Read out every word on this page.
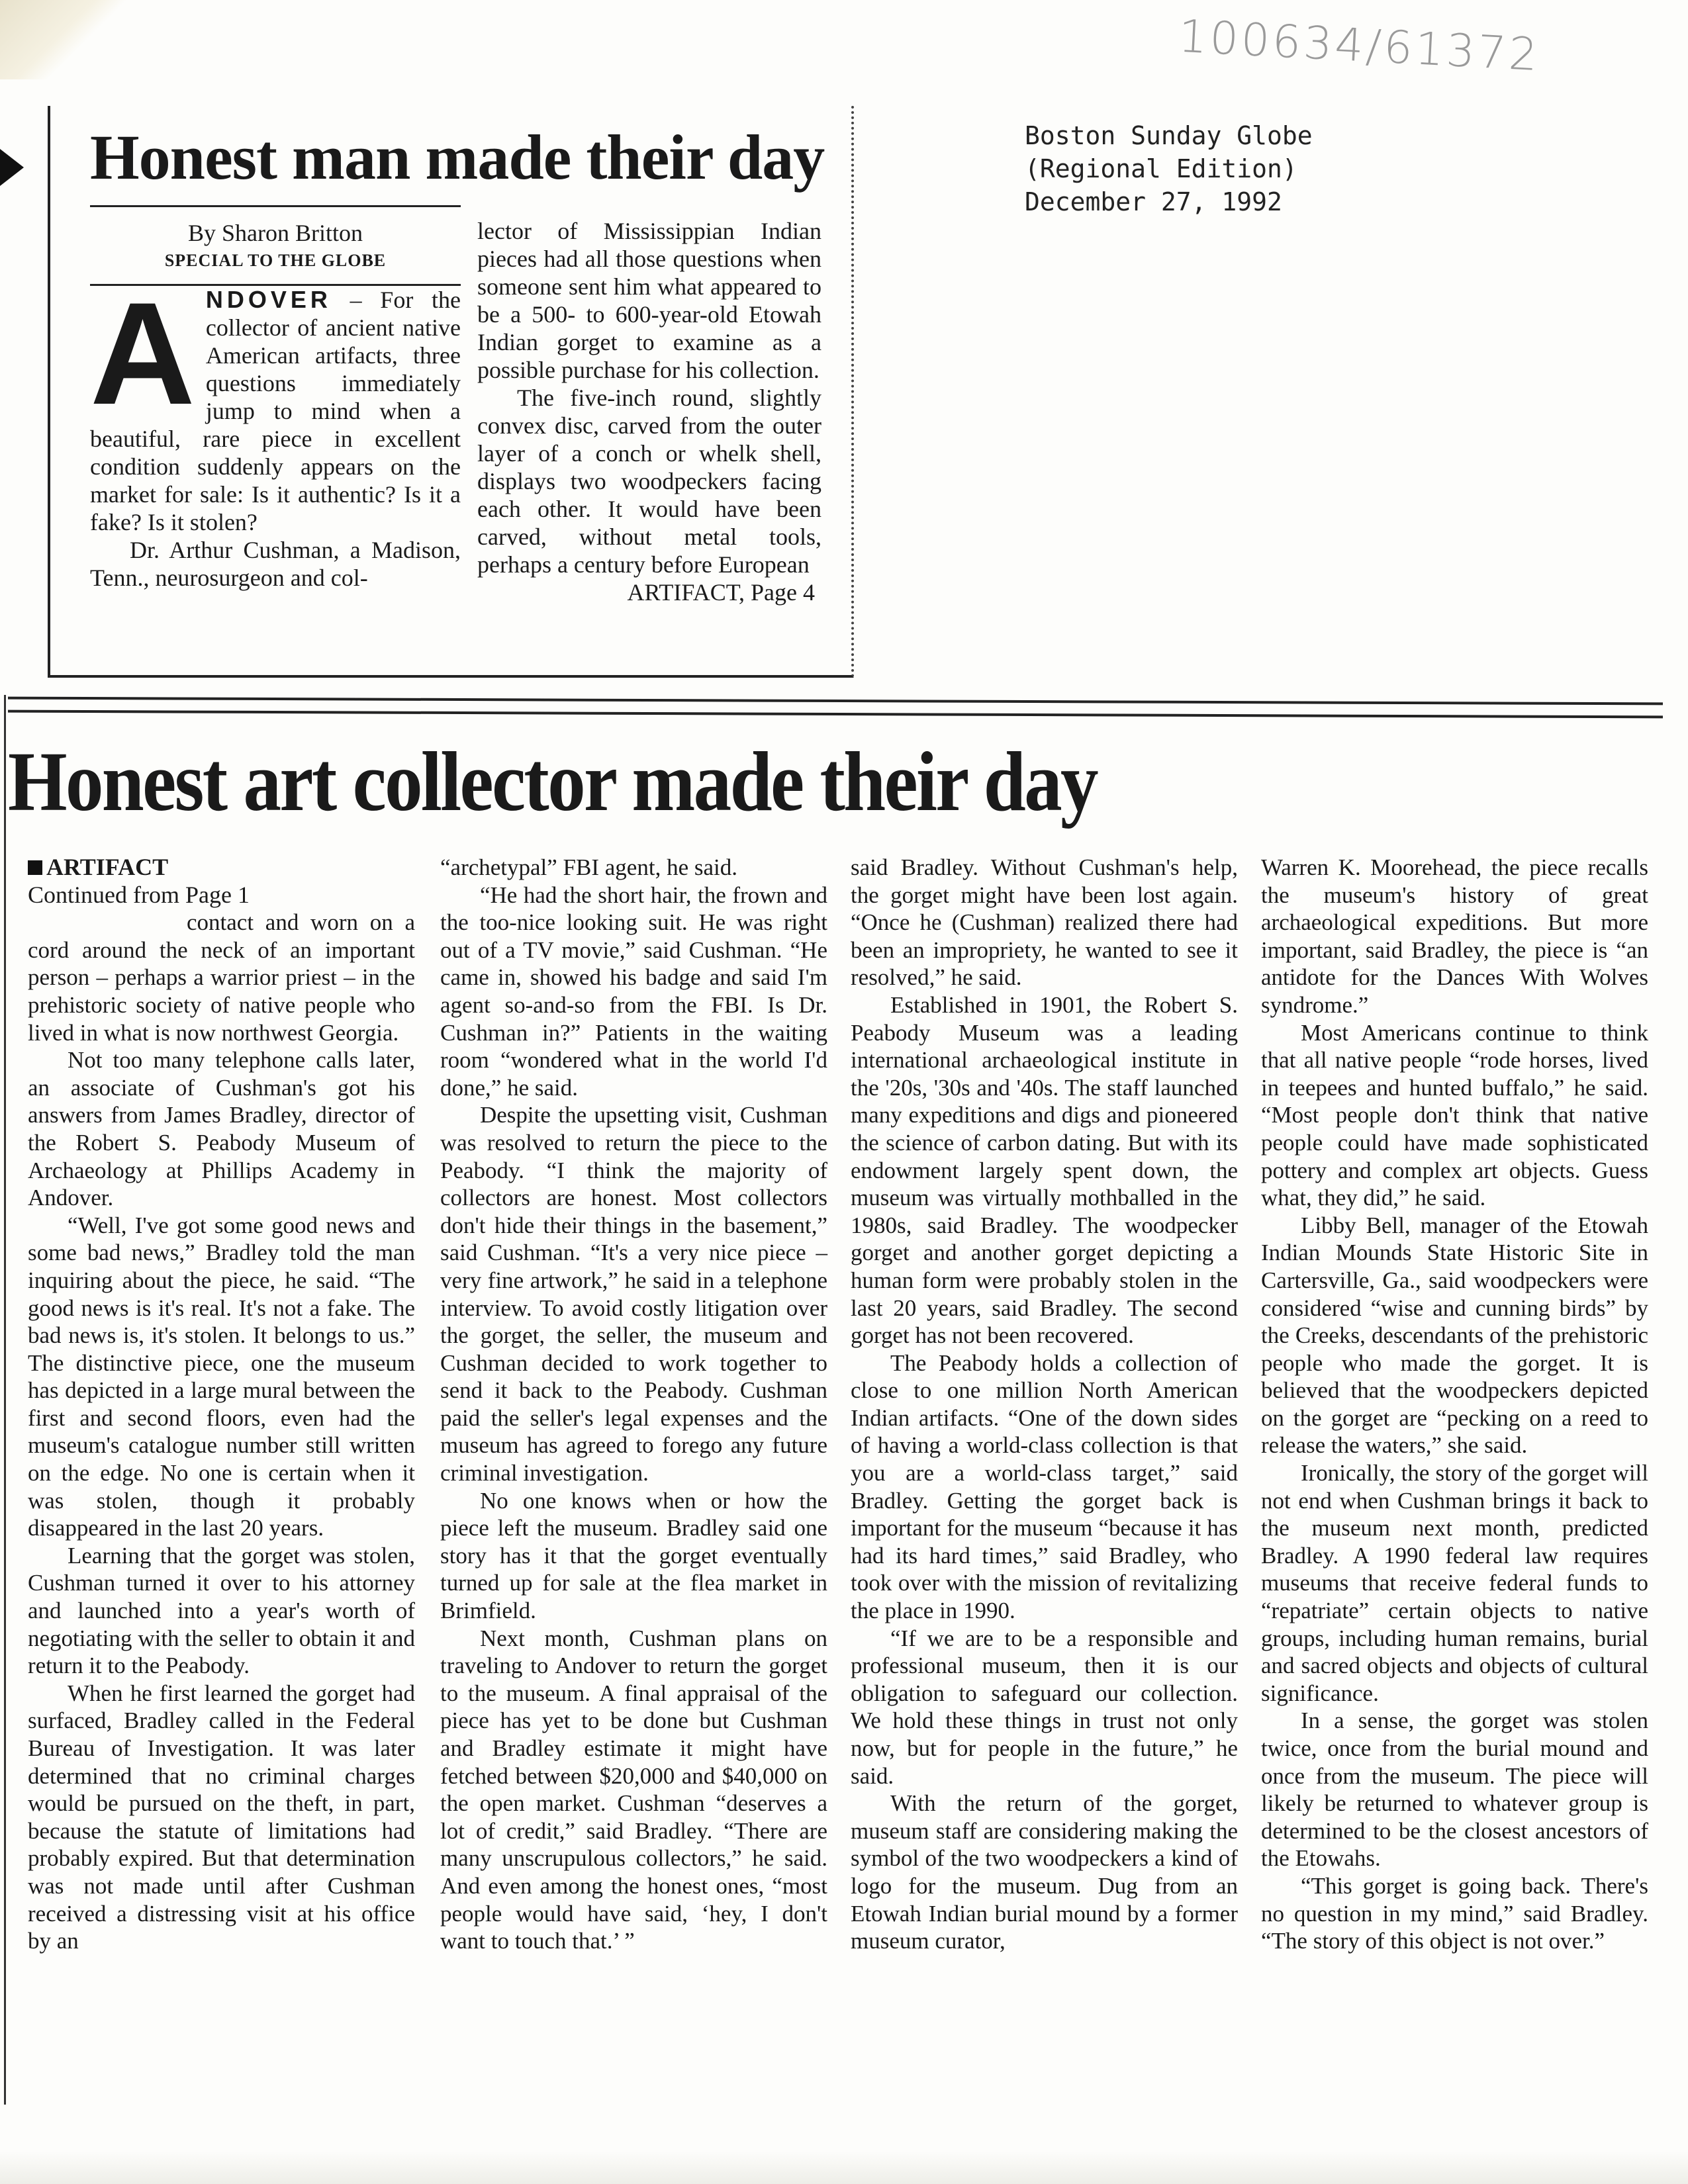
100634/61372
Boston Sunday Globe
(Regional Edition)
December 27, 1992
Honest man made their day
By Sharon Britton
SPECIAL TO THE GLOBE

ANDOVER – For the collector of ancient native American artifacts, three questions immediately jump to mind when a beautiful, rare piece in excellent condition suddenly appears on the market for sale: Is it authentic? Is it a fake? Is it stolen?

Dr. Arthur Cushman, a Madison, Tenn., neurosurgeon and col-

lector of Mississippian Indian pieces had all those questions when someone sent him what appeared to be a 500- to 600-year-old Etowah Indian gorget to examine as a possible purchase for his collection.

The five-inch round, slightly convex disc, carved from the outer layer of a conch or whelk shell, displays two woodpeckers facing each other. It would have been carved, without metal tools, perhaps a century before European

ARTIFACT, Page 4

Honest art collector made their day
ARTIFACT
Continued from Page 1

contact and worn on a cord around the neck of an important person – perhaps a warrior priest – in the prehistoric society of native people who lived in what is now northwest Georgia.

Not too many telephone calls later, an associate of Cushman's got his answers from James Bradley, director of the Robert S. Peabody Museum of Archaeology at Phillips Academy in Andover.

“Well, I've got some good news and some bad news,” Bradley told the man inquiring about the piece, he said. “The good news is it's real. It's not a fake. The bad news is, it's stolen. It belongs to us.” The distinctive piece, one the museum has depicted in a large mural between the first and second floors, even had the museum's catalogue number still written on the edge. No one is certain when it was stolen, though it probably disappeared in the last 20 years.

Learning that the gorget was stolen, Cushman turned it over to his attorney and launched into a year's worth of negotiating with the seller to obtain it and return it to the Peabody.

When he first learned the gorget had surfaced, Bradley called in the Federal Bureau of Investigation. It was later determined that no criminal charges would be pursued on the theft, in part, because the statute of limitations had probably expired. But that determination was not made until after Cushman received a distressing visit at his office by an

“archetypal” FBI agent, he said.

“He had the short hair, the frown and the too-nice looking suit. He was right out of a TV movie,” said Cushman. “He came in, showed his badge and said I'm agent so-and-so from the FBI. Is Dr. Cushman in?” Patients in the waiting room “wondered what in the world I'd done,” he said.

Despite the upsetting visit, Cushman was resolved to return the piece to the Peabody. “I think the majority of collectors are honest. Most collectors don't hide their things in the basement,” said Cushman. “It's a very nice piece – very fine artwork,” he said in a telephone interview. To avoid costly litigation over the gorget, the seller, the museum and Cushman decided to work together to send it back to the Peabody. Cushman paid the seller's legal expenses and the museum has agreed to forego any future criminal investigation.

No one knows when or how the piece left the museum. Bradley said one story has it that the gorget eventually turned up for sale at the flea market in Brimfield.

Next month, Cushman plans on traveling to Andover to return the gorget to the museum. A final appraisal of the piece has yet to be done but Cushman and Bradley estimate it might have fetched between $20,000 and $40,000 on the open market. Cushman “deserves a lot of credit,” said Bradley. “There are many unscrupulous collectors,” he said. And even among the honest ones, “most people would have said, ‘hey, I don't want to touch that.’ ”

said Bradley. Without Cushman's help, the gorget might have been lost again. “Once he (Cushman) realized there had been an impropriety, he wanted to see it resolved,” he said.

Established in 1901, the Robert S. Peabody Museum was a leading international archaeological institute in the '20s, '30s and '40s. The staff launched many expeditions and digs and pioneered the science of carbon dating. But with its endowment largely spent down, the museum was virtually mothballed in the 1980s, said Bradley. The woodpecker gorget and another gorget depicting a human form were probably stolen in the last 20 years, said Bradley. The second gorget has not been recovered.

The Peabody holds a collection of close to one million North American Indian artifacts. “One of the down sides of having a world-class collection is that you are a world-class target,” said Bradley. Getting the gorget back is important for the museum “because it has had its hard times,” said Bradley, who took over with the mission of revitalizing the place in 1990.

“If we are to be a responsible and professional museum, then it is our obligation to safeguard our collection. We hold these things in trust not only now, but for people in the future,” he said.

With the return of the gorget, museum staff are considering making the symbol of the two woodpeckers a kind of logo for the museum. Dug from an Etowah Indian burial mound by a former museum curator,

Warren K. Moorehead, the piece recalls the museum's history of great archaeological expeditions. But more important, said Bradley, the piece is “an antidote for the Dances With Wolves syndrome.”

Most Americans continue to think that all native people “rode horses, lived in teepees and hunted buffalo,” he said. “Most people don't think that native people could have made sophisticated pottery and complex art objects. Guess what, they did,” he said.

Libby Bell, manager of the Etowah Indian Mounds State Historic Site in Cartersville, Ga., said woodpeckers were considered “wise and cunning birds” by the Creeks, descendants of the prehistoric people who made the gorget. It is believed that the woodpeckers depicted on the gorget are “pecking on a reed to release the waters,” she said.

Ironically, the story of the gorget will not end when Cushman brings it back to the museum next month, predicted Bradley. A 1990 federal law requires museums that receive federal funds to “repatriate” certain objects to native groups, including human remains, burial and sacred objects and objects of cultural significance.

In a sense, the gorget was stolen twice, once from the burial mound and once from the museum. The piece will likely be returned to whatever group is determined to be the closest ancestors of the Etowahs.

“This gorget is going back. There's no question in my mind,” said Bradley. “The story of this object is not over.”
